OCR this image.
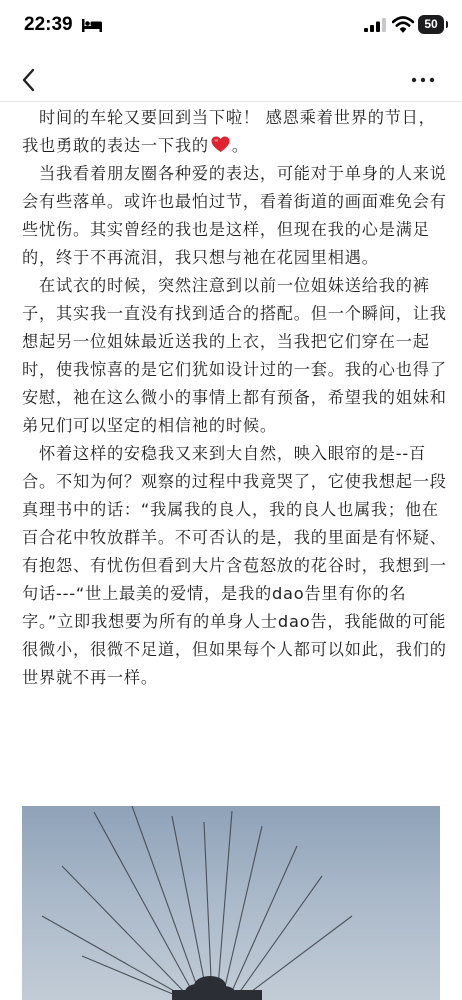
22:39	50

时间的车轮又要回到当下啦！ 感恩乘着世界的节日，我也勇敢的表达一下我的 。

当我看着朋友圈各种爱的表达，可能对于单身的人来说会有些落单。或许也最怕过节，看着街道的画面难免会有些忧伤。其实曾经的我也是这样，但现在我的心是满足的，终于不再流泪，我只想与祂在花园里相遇。

在试衣的时候，突然注意到以前一位姐妹送给我的裤子，其实我一直没有找到适合的搭配。但一个瞬间，让我想起另一位姐妹最近送我的上衣，当我把它们穿在一起时，使我惊喜的是它们犹如设计过的一套。我的心也得了安慰，祂在这么微小的事情上都有预备，希望我的姐妹和弟兄们可以坚定的相信祂的时候。

怀着这样的安稳我又来到大自然，映入眼帘的是--百合。不知为何？观察的过程中我竟哭了，它使我想起一段真理书中的话：“我属我的良人，我的良人也属我；他在百合花中牧放群羊。不可否认的是，我的里面是有怀疑、有抱怨、有忧伤但看到大片含苞怒放的花谷时，我想到一句话---“世上最美的爱情，是我的dao告里有你的名字。”立即我想要为所有的单身人士dao告，我能做的可能很微小，很微不足道，但如果每个人都可以如此，我们的世界就不再一样。
